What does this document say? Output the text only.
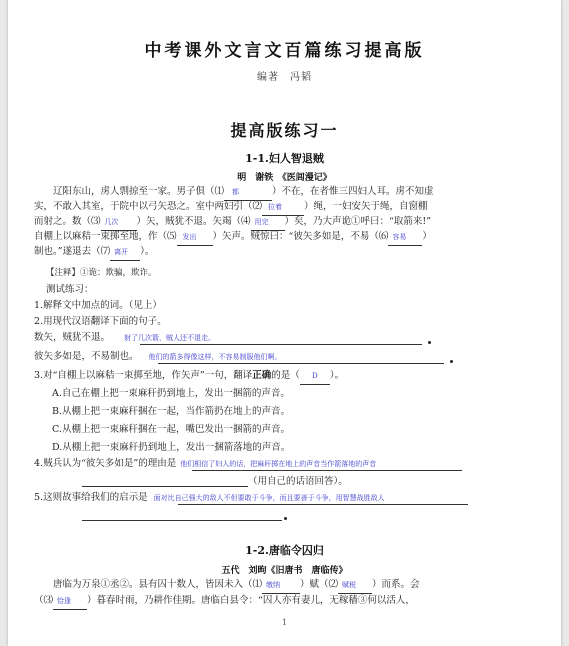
中考课外文言文百篇练习提高版
编著　冯韬
提高版练习一
1-1.妇人智退贼
明　谢铁　《医闾漫记》
辽阳东山，虏人剽掠至一家。男子俱（⑴ 都	）不在，在者惟三四妇人耳。虏不知虚
实，不敢入其室，于院中以弓矢恐之。室中两妇引（⑵ 拉着 ）绳，一妇安矢于绳，自窗棚
而射之。数（⑶ 几次 ）矢，贼犹不退。矢竭（⑷ 用完 ）矣，乃大声诡①呼曰：“取箭来!”
自棚上以麻秸一束掷至地，作（⑸ 发出 ）矢声。贼惊曰：“彼矢多如是，不易（⑹ 容易 ）
制也。”遂退去（⑺ 离开 ）。
【注释】①诡：欺骗，欺诈。
测试练习：
1.解释文中加点的词。（见上）
2.用现代汉语翻译下面的句子。
数矢，贼犹不退。 射了几次箭，贼人还不退走。
彼矢多如是，不易制也。 他们的箭多得像这样，不容易制服他们啊。
3.对“自棚上以麻秸一束掷至地，作矢声”一句，翻译正确的是（ D ）。
A.自己在棚上把一束麻秆扔到地上，发出一捆箭的声音。
B.从棚上把一束麻秆捆在一起，当作箭扔在地上的声音。
C.从棚上把一束麻秆捆在一起，嘴巴发出一捆箭的声音。
D.从棚上把一束麻秆扔到地上，发出一捆箭落地的声音。
4.贼兵认为“彼矢多如是”的理由是 他们相信了妇人的话，把麻秆掷在地上的声音当作箭落地的声音
（用自己的话语回答）。
5.这则故事给我们的启示是 面对比自己强大的敌人不但要敢于斗争，而且要善于斗争，用智慧战胜敌人
1-2.唐临令囚归
五代　刘昫《旧唐书　唐临传》
唐临为万泉①丞②。县有囚十数人，皆因未入（⑴ 缴纳 ）赋（⑵ 赋税 ）而系。会
（⑶ 恰逢 ）暮春时雨，乃耕作佳期。唐临白县令：“囚人亦有妻儿，无稼穑③何以活人，
1
